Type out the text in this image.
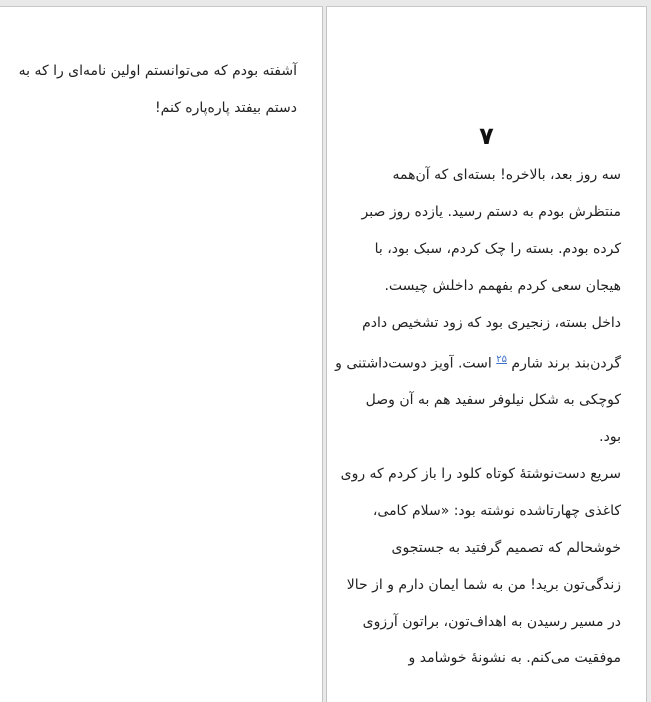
آشفته بودم که می‌توانستم اولین نامه‌ای را که به

دستم بیفتد پاره‌پاره کنم!

۷

سه روز بعد، بالاخره! بسته‌ای که آن‌همه

منتظرش بودم به دستم رسید. یازده روز صبر

کرده بودم. بسته را چک کردم، سبک بود، با

هیجان سعی کردم بفهمم داخلش چیست.

داخل بسته، زنجیری بود که زود تشخیص دادم

گردن‌بند برند شارم $^{۲۵}$ است. آویز دوست‌داشتنی و

کوچکی به شکل نیلوفر سفید هم به آن وصل

بود.

سریع دست‌نوشتهٔ کوتاه کلود را باز کردم که روی

کاغذی چهارتاشده نوشته بود: «سلام کامی،

خوشحالم که تصمیم گرفتید به جستجوی

زندگی‌تون برید! من به شما ایمان دارم و از حالا

در مسیر رسیدن به اهداف‌تون، براتون آرزوی

موفقیت می‌کنم. به نشونهٔ خوشامد و
